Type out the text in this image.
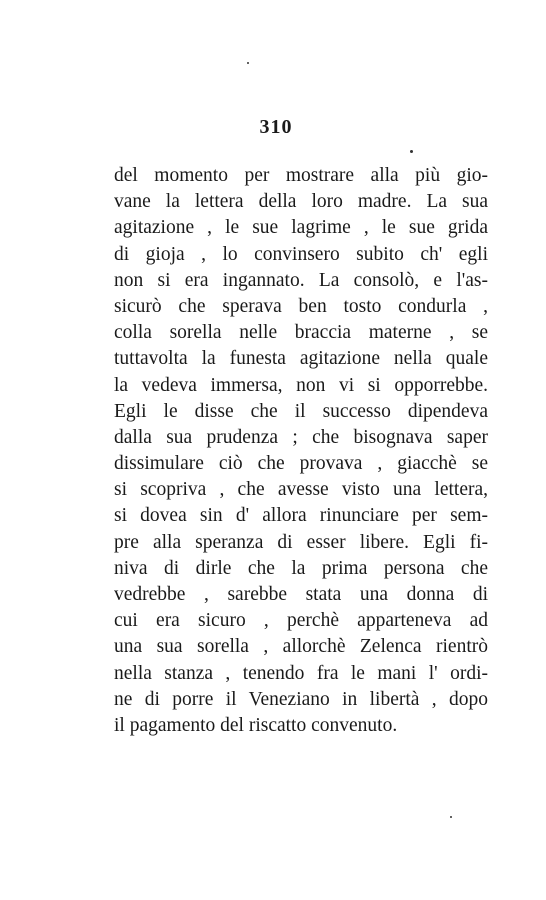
310
del momento per mostrare alla più gio-
vane la lettera della loro madre. La sua
agitazione , le sue lagrime , le sue grida
di gioja , lo convinsero subito ch' egli
non si era ingannato. La consolò, e l'as-
sicurò che sperava ben tosto condurla ,
colla sorella nelle braccia materne , se
tuttavolta la funesta agitazione nella quale
la vedeva immersa, non vi si opporrebbe.
Egli le disse che il successo dipendeva
dalla sua prudenza ; che bisognava saper
dissimulare ciò che provava , giacchè se
si scopriva , che avesse visto una lettera,
si dovea sin d' allora rinunciare per sem-
pre alla speranza di esser libere. Egli fi-
niva di dirle che la prima persona che
vedrebbe , sarebbe stata una donna di
cui era sicuro , perchè apparteneva ad
una sua sorella , allorchè Zelenca rientrò
nella stanza , tenendo fra le mani l' ordi-
ne di porre il Veneziano in libertà , dopo
il pagamento del riscatto convenuto.
